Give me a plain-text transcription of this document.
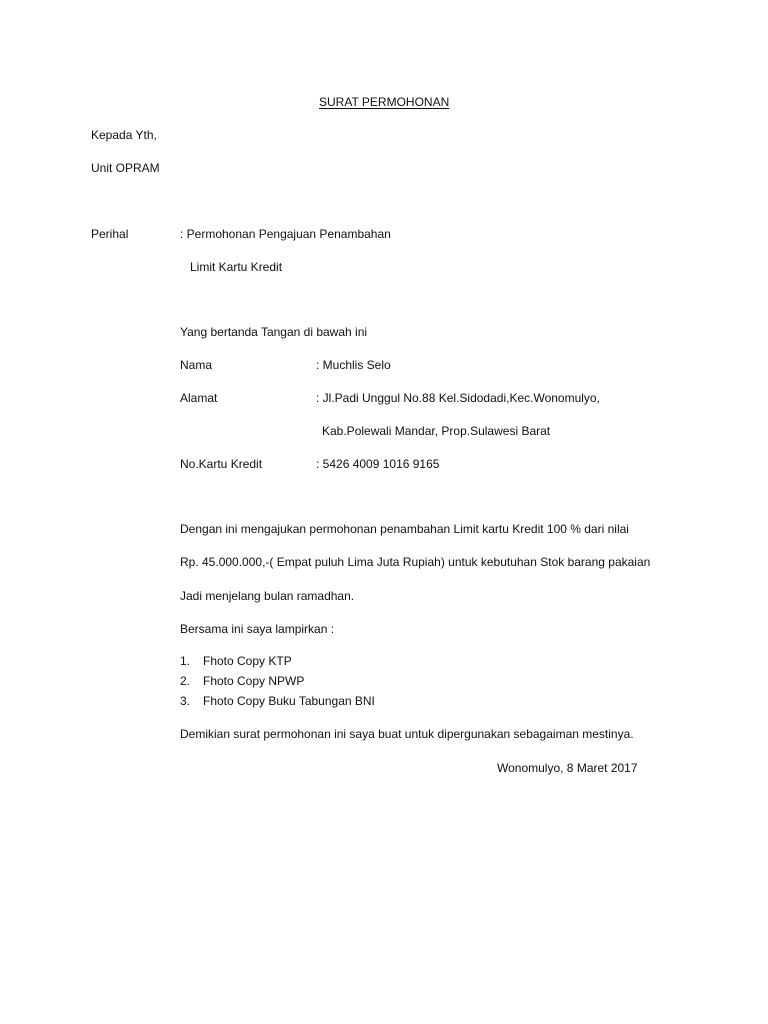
SURAT PERMOHONAN
Kepada Yth,
Unit OPRAM
Perihal	: Permohonan Pengajuan Penambahan
Limit Kartu Kredit
Yang bertanda Tangan di bawah ini
Nama	: Muchlis Selo
Alamat	: Jl.Padi Unggul No.88 Kel.Sidodadi,Kec.Wonomulyo,
Kab.Polewali Mandar, Prop.Sulawesi Barat
No.Kartu Kredit	: 5426 4009 1016 9165
Dengan ini mengajukan permohonan penambahan Limit kartu Kredit 100 % dari nilai
Rp. 45.000.000,-( Empat puluh Lima Juta Rupiah) untuk kebutuhan Stok barang pakaian
Jadi menjelang bulan ramadhan.
Bersama ini saya lampirkan :
1. Fhoto Copy KTP
2. Fhoto Copy NPWP
3. Fhoto Copy Buku Tabungan BNI
Demikian surat permohonan ini saya buat untuk dipergunakan sebagaiman mestinya.
Wonomulyo, 8 Maret 2017
